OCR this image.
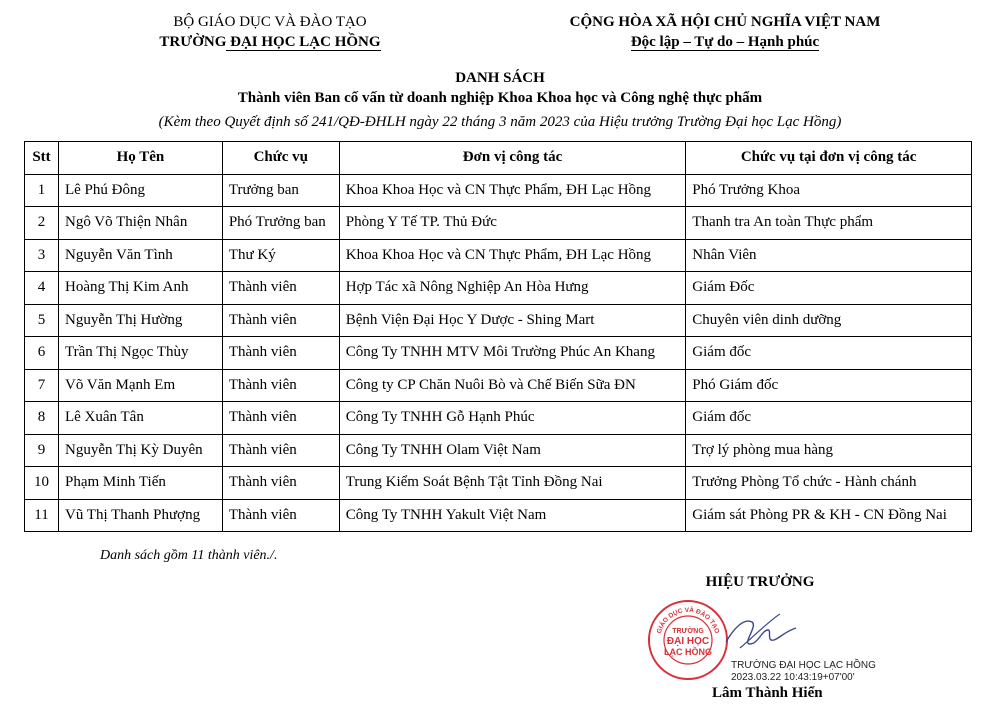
BỘ GIÁO DỤC VÀ ĐÀO TẠO
TRƯỜNG ĐẠI HỌC LẠC HỒNG
CỘNG HÒA XÃ HỘI CHỦ NGHĨA VIỆT NAM
Độc lập – Tự do – Hạnh phúc
DANH SÁCH
Thành viên Ban cố vấn từ doanh nghiệp Khoa Khoa học và Công nghệ thực phẩm
(Kèm theo Quyết định số 241/QĐ-ĐHLH ngày 22 tháng 3 năm 2023 của Hiệu trưởng Trường Đại học Lạc Hồng)
Stt	Họ Tên	Chức vụ	Đơn vị công tác	Chức vụ tại đơn vị công tác
1	Lê Phú Đông	Trưởng ban	Khoa Khoa Học và CN Thực Phẩm, ĐH Lạc Hồng	Phó Trưởng Khoa
2	Ngô Võ Thiện Nhân	Phó Trưởng ban	Phòng Y Tế TP. Thủ Đức	Thanh tra An toàn Thực phẩm
3	Nguyễn Văn Tình	Thư Ký	Khoa Khoa Học và CN Thực Phẩm, ĐH Lạc Hồng	Nhân Viên
4	Hoàng Thị Kim Anh	Thành viên	Hợp Tác xã Nông Nghiệp An Hòa Hưng	Giám Đốc
5	Nguyễn Thị Hường	Thành viên	Bệnh Viện Đại Học Y Dược - Shing Mart	Chuyên viên dinh dưỡng
6	Trần Thị Ngọc Thùy	Thành viên	Công Ty TNHH MTV Môi Trường Phúc An Khang	Giám đốc
7	Võ Văn Mạnh Em	Thành viên	Công ty CP Chăn Nuôi Bò và Chế Biến Sữa ĐN	Phó Giám đốc
8	Lê Xuân Tân	Thành viên	Công Ty TNHH Gỗ Hạnh Phúc	Giám đốc
9	Nguyễn Thị Kỳ Duyên	Thành viên	Công Ty TNHH Olam Việt Nam	Trợ lý phòng mua hàng
10	Phạm Minh Tiến	Thành viên	Trung Kiểm Soát Bệnh Tật Tỉnh Đồng Nai	Trưởng Phòng Tổ chức - Hành chánh
11	Vũ Thị Thanh Phượng	Thành viên	Công Ty TNHH Yakult Việt Nam	Giám sát Phòng PR & KH - CN Đồng Nai
Danh sách gồm 11 thành viên./.
HIỆU TRƯỞNG
GIÁO DỤC VÀ ĐÀO TẠO
TRƯỜNG
ĐẠI HỌC
LẠC HỒNG
TRƯỜNG ĐẠI HỌC LẠC HỒNG
2023.03.22 10:43:19+07'00'
Lâm Thành Hiển
